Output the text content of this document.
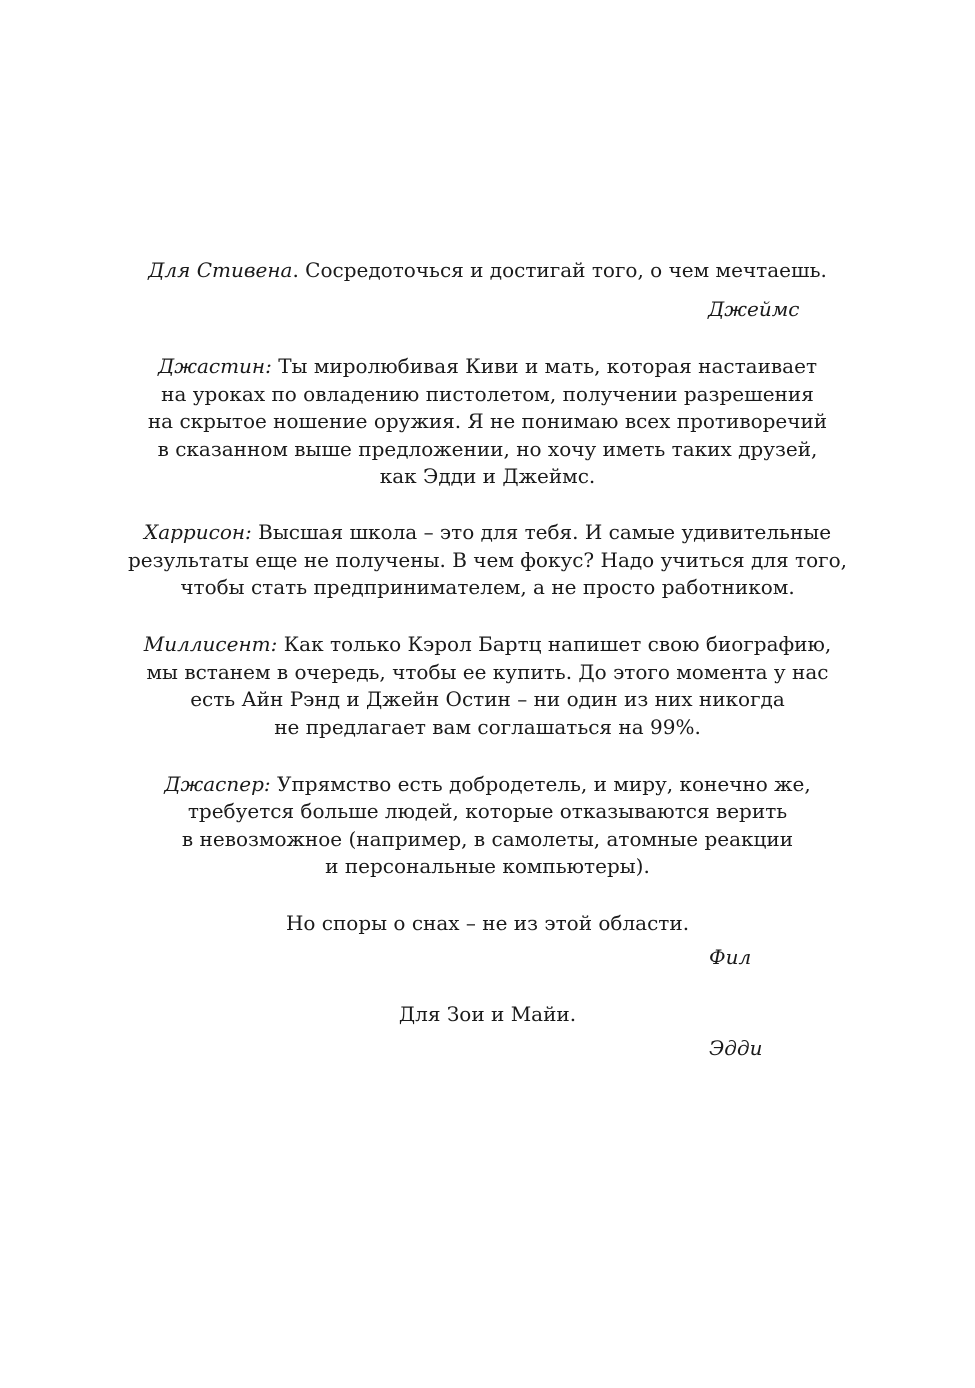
Для Стивена. Сосредоточься и достигай того, о чем мечтаешь.
Джеймс
Джастин: Ты миролюбивая Киви и мать, которая настаивает
на уроках по овладению пистолетом, получении разрешения
на скрытое ношение оружия. Я не понимаю всех противоречий
в сказанном выше предложении, но хочу иметь таких друзей,
как Эдди и Джеймс.
Харрисон: Высшая школа – это для тебя. И самые удивительные
результаты еще не получены. В чем фокус? Надо учиться для того,
чтобы стать предпринимателем, а не просто работником.
Миллисент: Как только Кэрол Бартц напишет свою биографию,
мы встанем в очередь, чтобы ее купить. До этого момента у нас
есть Айн Рэнд и Джейн Остин – ни один из них никогда
не предлагает вам соглашаться на 99%.
Джаспер: Упрямство есть добродетель, и миру, конечно же,
требуется больше людей, которые отказываются верить
в невозможное (например, в самолеты, атомные реакции
и персональные компьютеры).
Но споры о снах – не из этой области.
Фил
Для Зои и Майи.
Эдди
